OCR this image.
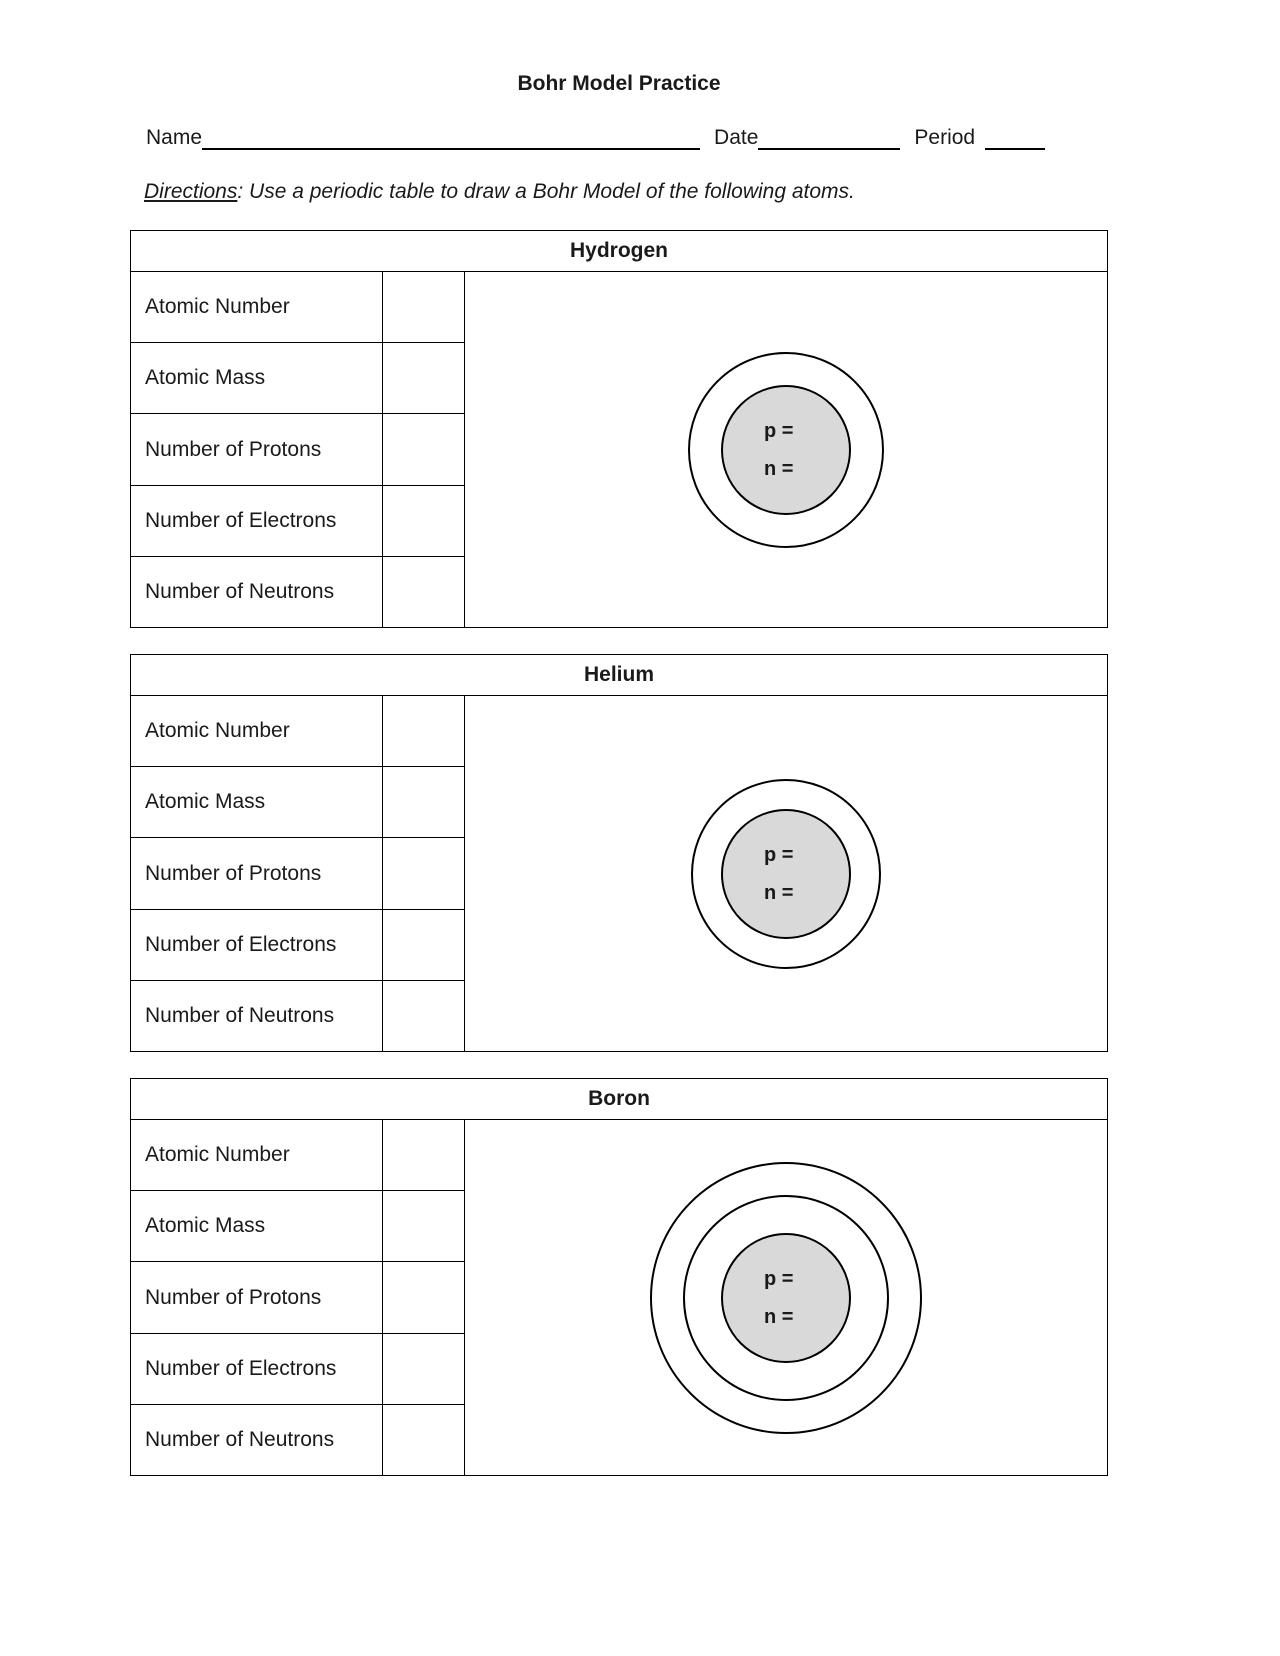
Bohr Model Practice
Name	Date	Period
Directions: Use a periodic table to draw a Bohr Model of the following atoms.
Hydrogen
Atomic Number
Atomic Mass
Number of Protons
Number of Electrons
Number of Neutrons
p =
n =
Helium
Atomic Number
Atomic Mass
Number of Protons
Number of Electrons
Number of Neutrons
p =
n =
Boron
Atomic Number
Atomic Mass
Number of Protons
Number of Electrons
Number of Neutrons
p =
n =
